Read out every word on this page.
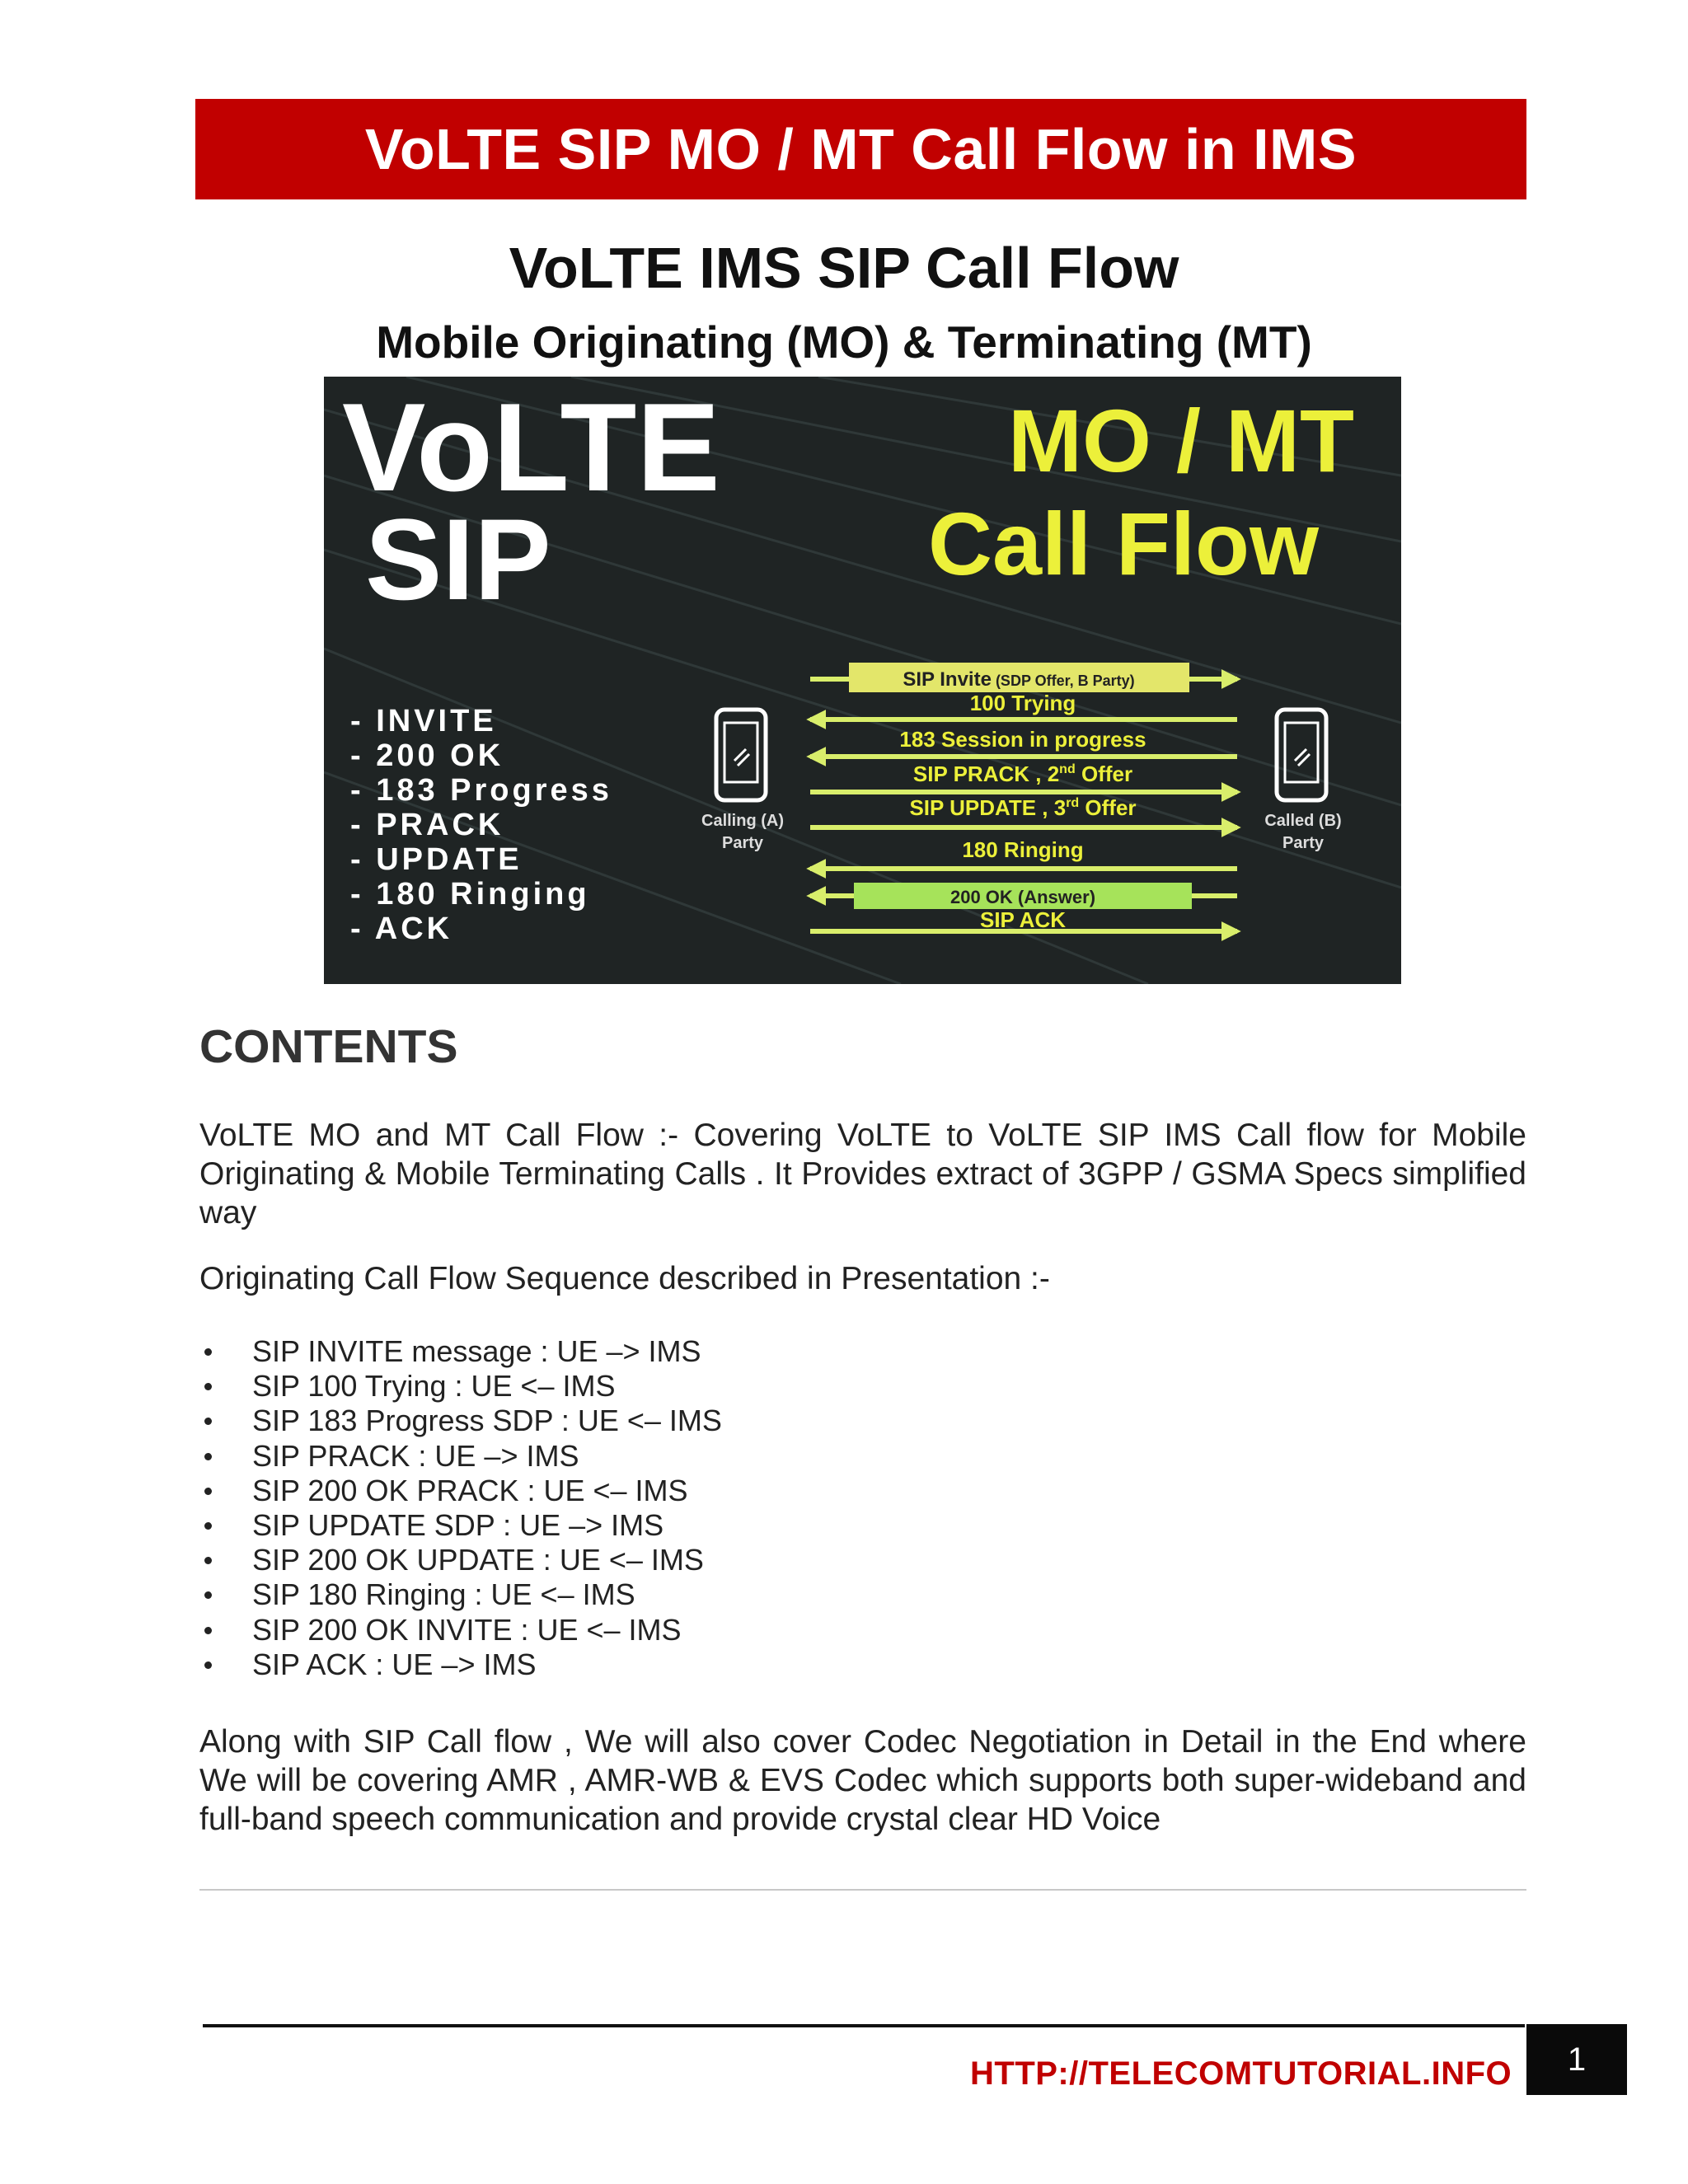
VoLTE SIP MO / MT Call Flow in IMS
VoLTE IMS SIP Call Flow
Mobile Originating (MO) & Terminating (MT)
VoLTE
SIP
MO / MT
Call Flow
- INVITE
- 200 OK
- 183 Progress
- PRACK
- UPDATE
- 180 Ringing
- ACK
Calling (A)
Party
Called (B)
Party
SIP Invite (SDP Offer, B Party)
100 Trying
183 Session in progress
SIP PRACK , 2nd Offer
SIP UPDATE , 3rd Offer
180 Ringing
200 OK (Answer)
SIP ACK
CONTENTS
VoLTE MO and MT Call Flow :- Covering VoLTE to VoLTE SIP IMS Call flow for Mobile Originating & Mobile Terminating Calls . It Provides extract of 3GPP / GSMA Specs simplified way
Originating Call Flow Sequence described in Presentation :-
SIP INVITE message : UE –> IMS
SIP 100 Trying : UE <– IMS
SIP 183 Progress SDP : UE <– IMS
SIP PRACK : UE –> IMS
SIP 200 OK PRACK : UE <– IMS
SIP UPDATE SDP : UE –> IMS
SIP 200 OK UPDATE : UE <– IMS
SIP 180 Ringing : UE <– IMS
SIP 200 OK INVITE : UE <– IMS
SIP ACK : UE –> IMS
Along with SIP Call flow , We will also cover Codec Negotiation in Detail in the End where We will be covering AMR , AMR-WB & EVS Codec which supports both super-wideband and full-band speech communication and provide crystal clear HD Voice
HTTP://TELECOMTUTORIAL.INFO 1
